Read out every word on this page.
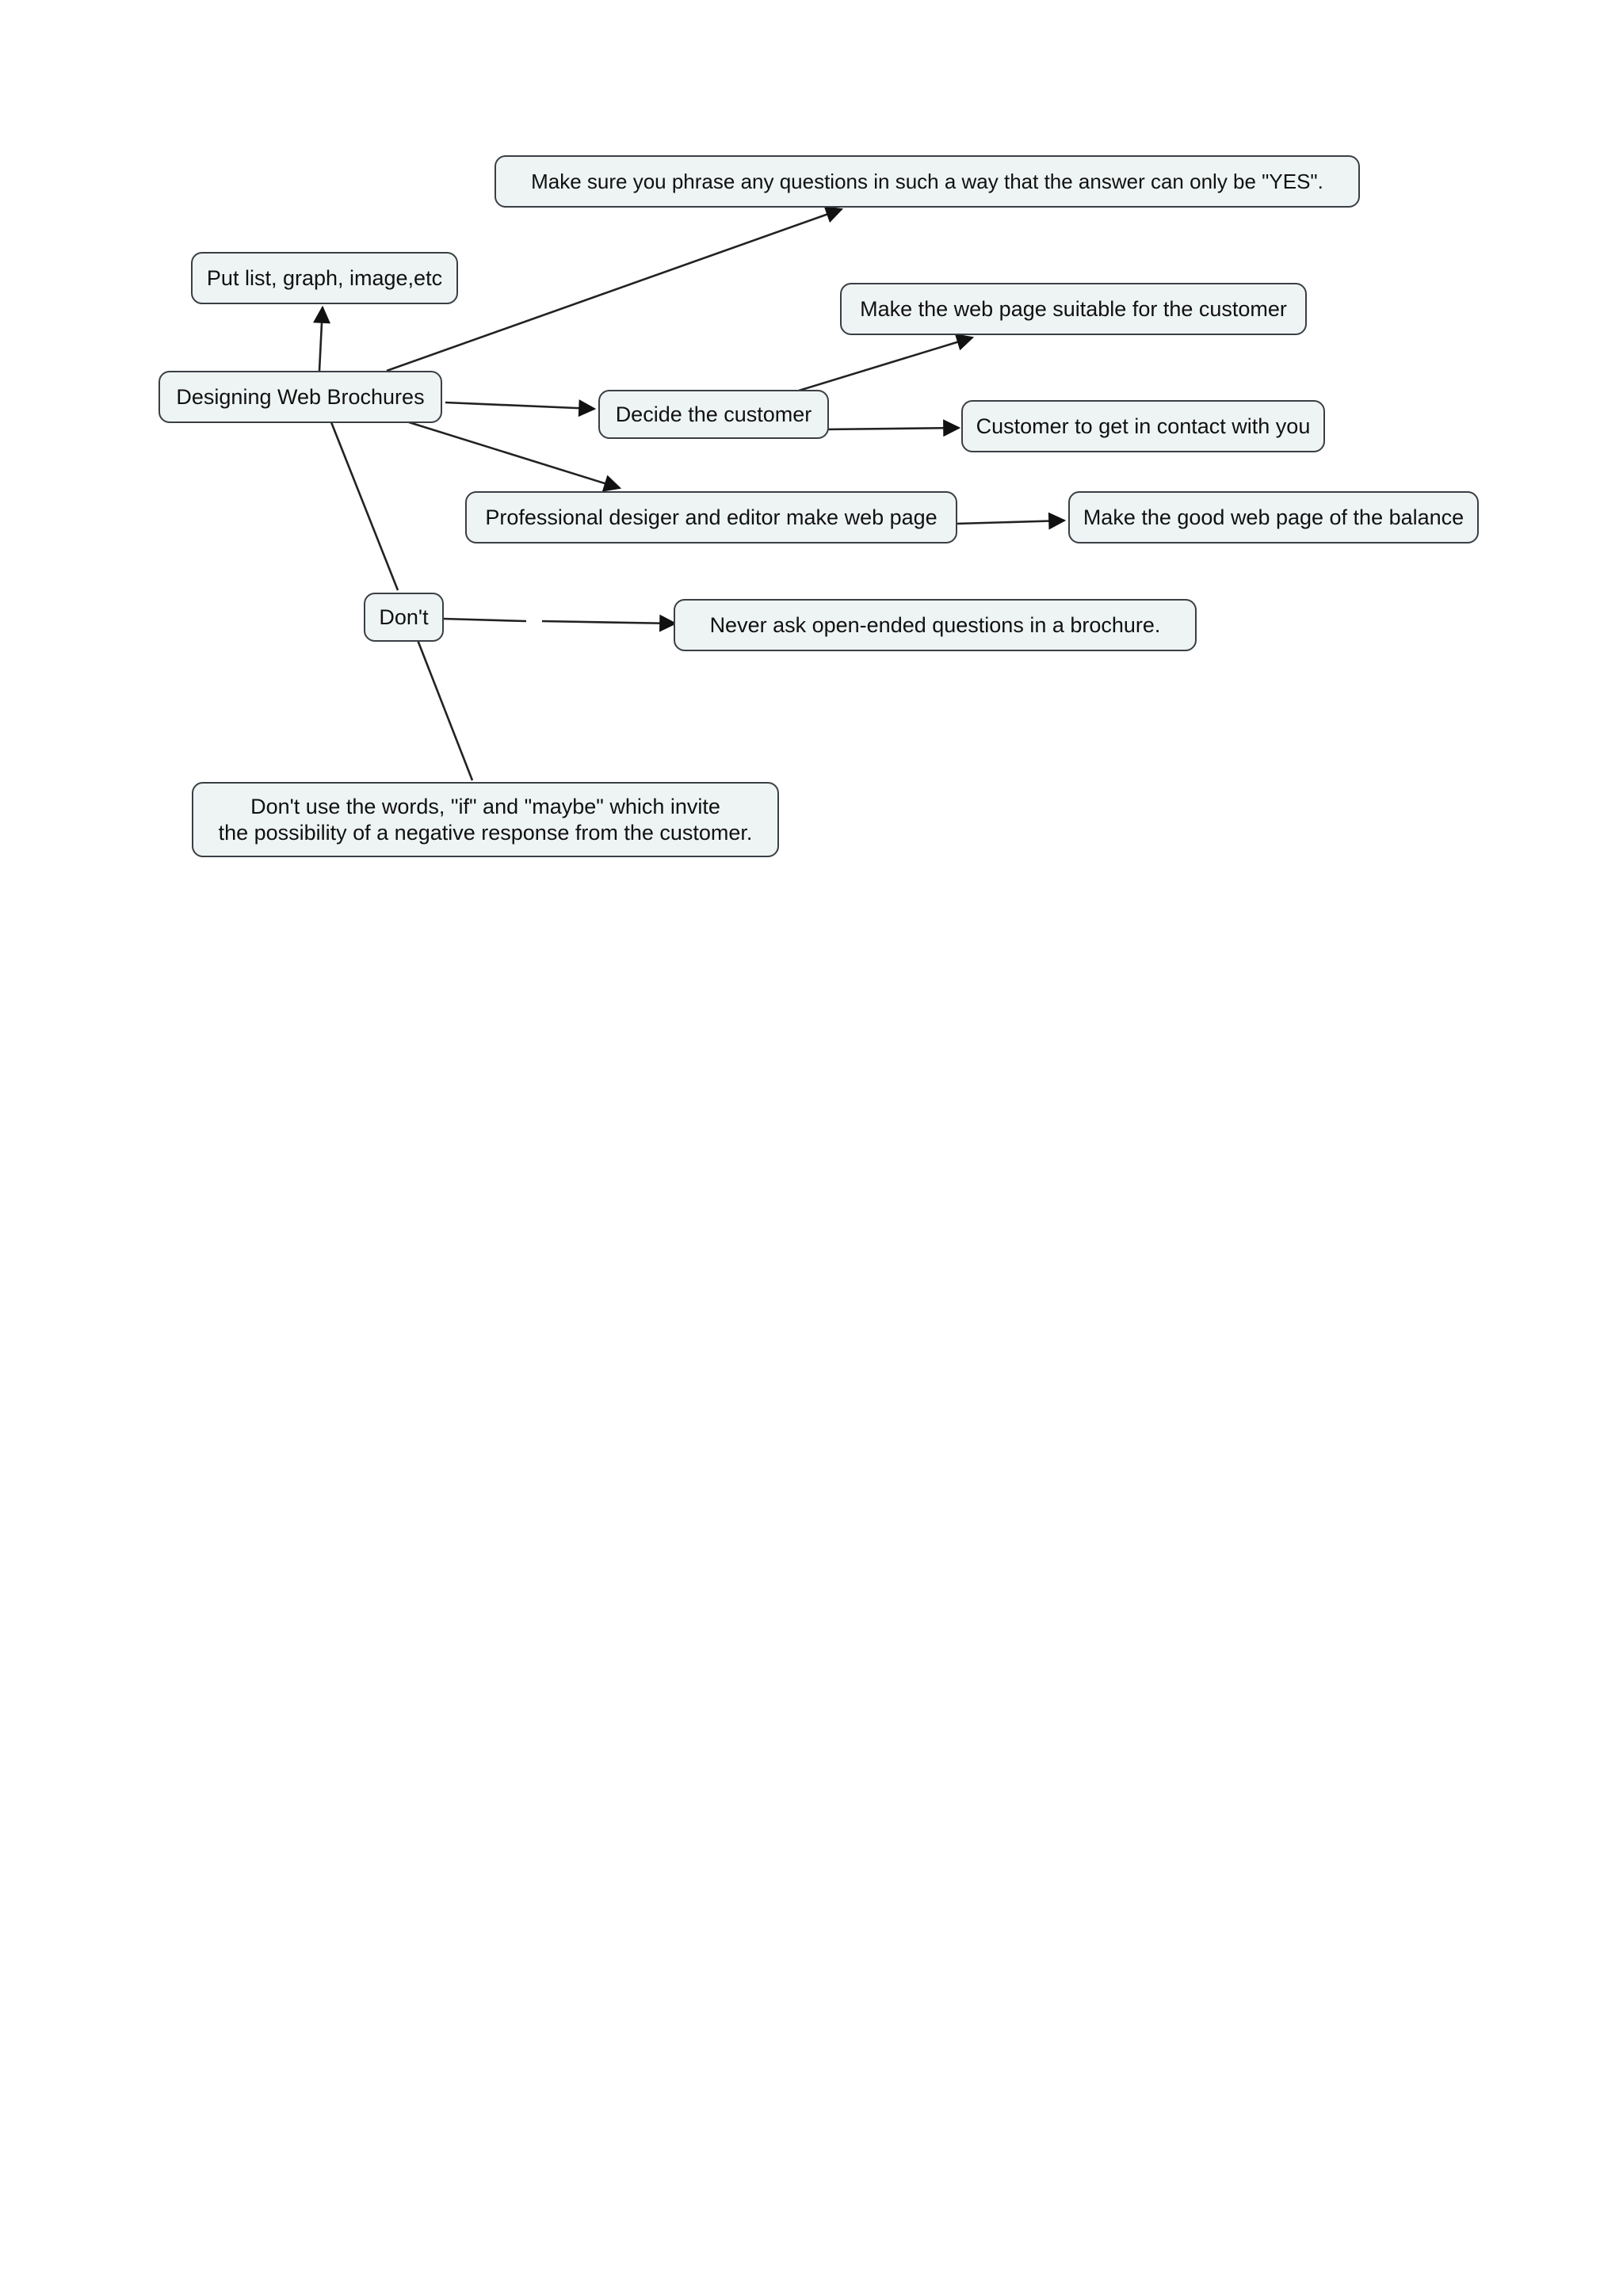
Designing Web Brochures
Make sure you phrase any questions in such a way that the answer can only be "YES".
Put list, graph, image,etc
Make the web page suitable for the customer
Decide the customer	Customer to get in contact with you
Professional desiger and editor make web page	Make the good web page of the balance
Don't	Never ask open-ended questions in a brochure.
Don't use the words, "if" and "maybe" which invite
the possibility of a negative response from the customer.
